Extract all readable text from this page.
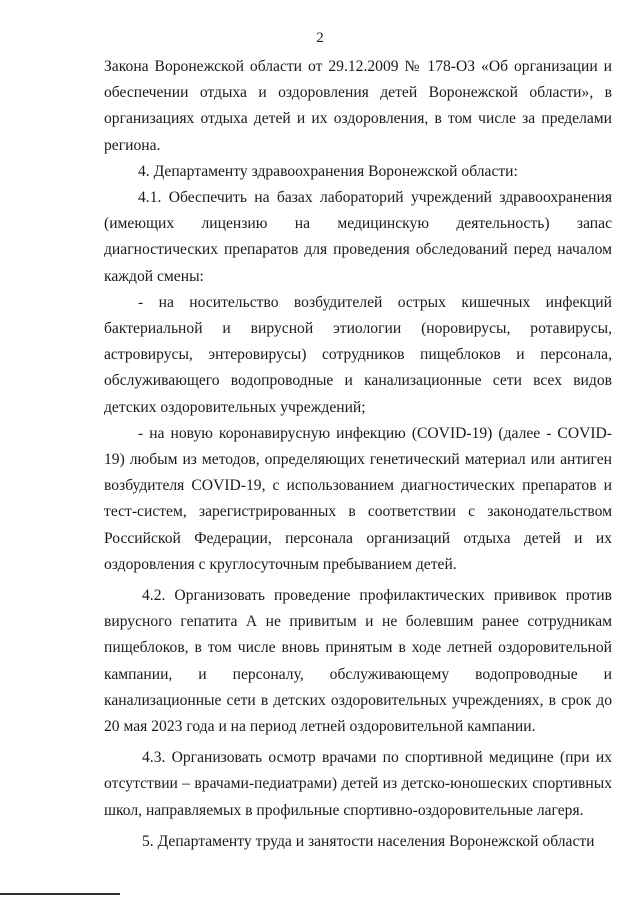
2

Закона Воронежской области от 29.12.2009 № 178-ОЗ «Об организации и обеспечении отдыха и оздоровления детей Воронежской области», в организациях отдыха детей и их оздоровления, в том числе за пределами региона.

4. Департаменту здравоохранения Воронежской области:

4.1. Обеспечить на базах лабораторий учреждений здравоохранения (имеющих лицензию на медицинскую деятельность) запас диагностических препаратов для проведения обследований перед началом каждой смены:

- на носительство возбудителей острых кишечных инфекций бактериальной и вирусной этиологии (норовирусы, ротавирусы, астровирусы, энтеровирусы) сотрудников пищеблоков и персонала, обслуживающего водопроводные и канализационные сети всех видов детских оздоровительных учреждений;

- на новую коронавирусную инфекцию (COVID-19) (далее - COVID-19) любым из методов, определяющих генетический материал или антиген возбудителя COVID-19, с использованием диагностических препаратов и тест-систем, зарегистрированных в соответствии с законодательством Российской Федерации, персонала организаций отдыха детей и их оздоровления с круглосуточным пребыванием детей.

4.2. Организовать проведение профилактических прививок против вирусного гепатита А не привитым и не болевшим ранее сотрудникам пищеблоков, в том числе вновь принятым в ходе летней оздоровительной кампании, и персоналу, обслуживающему водопроводные и канализационные сети в детских оздоровительных учреждениях, в срок до 20 мая 2023 года и на период летней оздоровительной кампании.

4.3. Организовать осмотр врачами по спортивной медицине (при их отсутствии – врачами-педиатрами) детей из детско-юношеских спортивных школ, направляемых в профильные спортивно-оздоровительные лагеря.

5. Департаменту труда и занятости населения Воронежской области
